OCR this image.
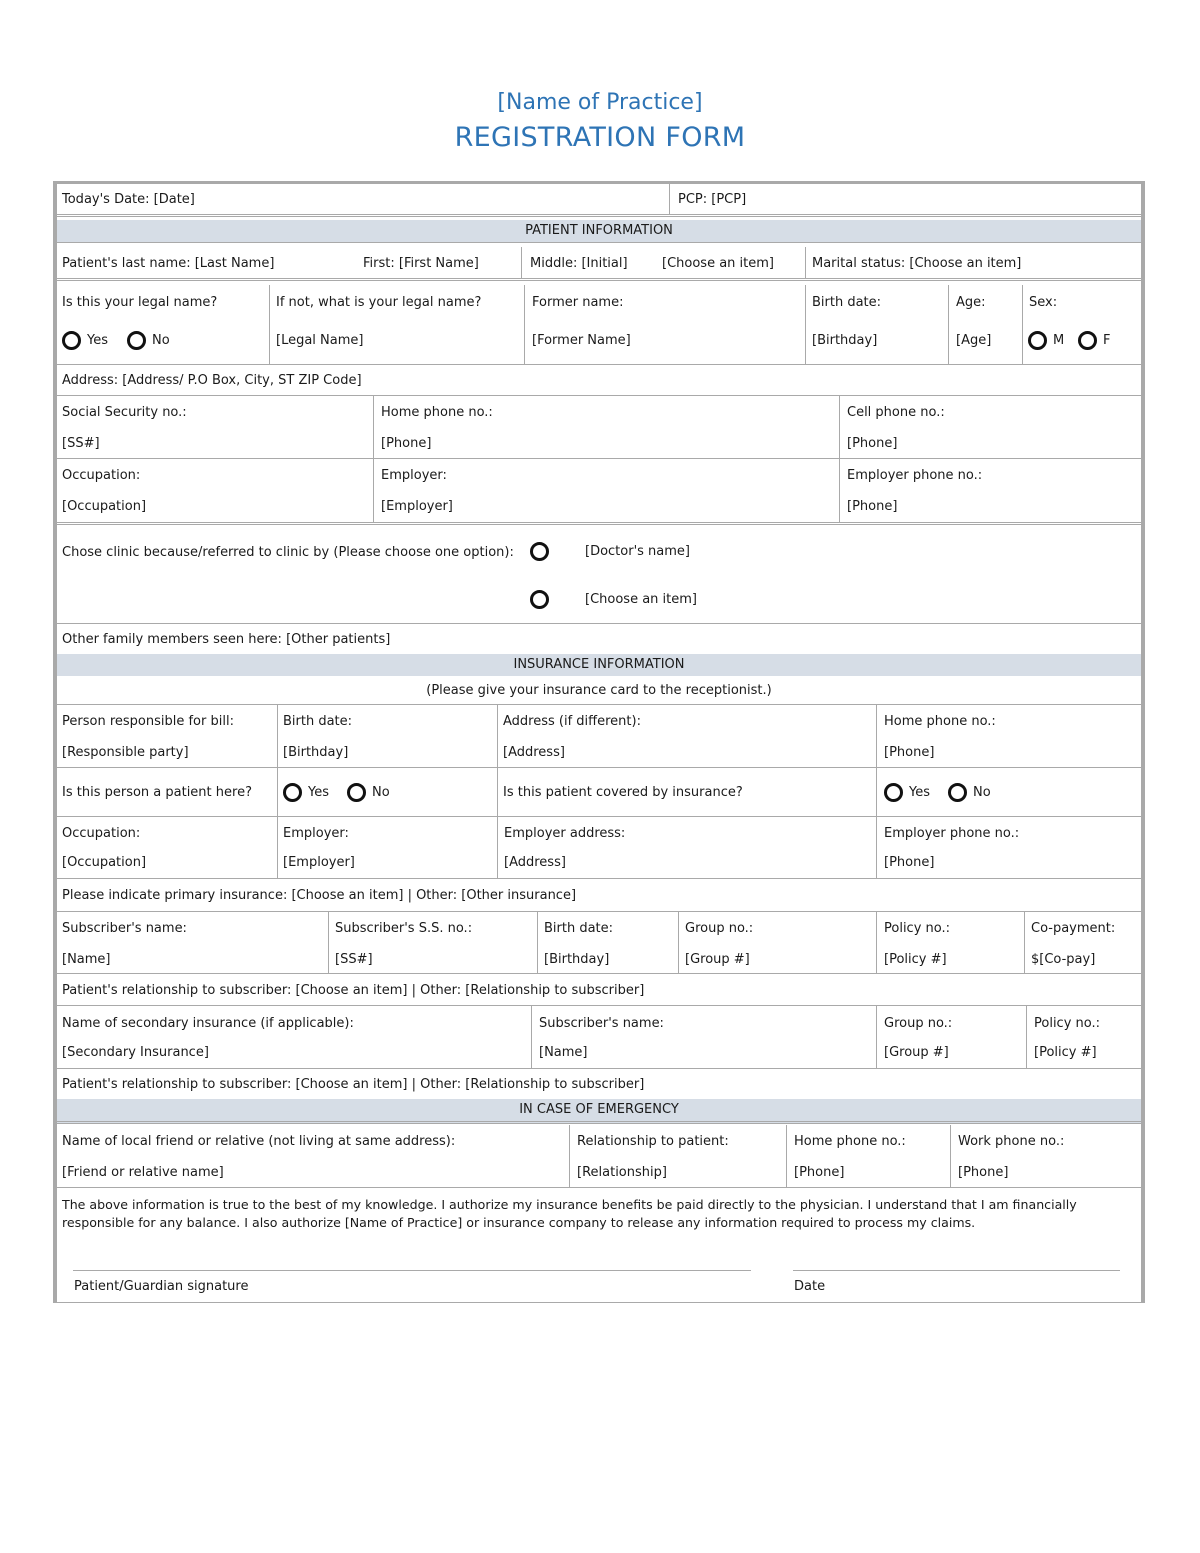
[Name of Practice]
REGISTRATION FORM
Today's Date: [Date]	PCP: [PCP]
PATIENT INFORMATION
Patient's last name: [Last Name]	First: [First Name]	Middle: [Initial]	[Choose an item]	Marital status: [Choose an item]
Is this your legal name?
Yes	No
If not, what is your legal name?
[Legal Name]
Former name:
[Former Name]
Birth date:
[Birthday]
Age:
[Age]
Sex:
M	F
Address: [Address/ P.O Box, City, ST ZIP Code]
Social Security no.:
[SS#]
Home phone no.:
[Phone]
Cell phone no.:
[Phone]
Occupation:
[Occupation]
Employer:
[Employer]
Employer phone no.:
[Phone]
Chose clinic because/referred to clinic by (Please choose one option):	[Doctor's name]
[Choose an item]
Other family members seen here: [Other patients]
INSURANCE INFORMATION
(Please give your insurance card to the receptionist.)
Person responsible for bill:
[Responsible party]
Birth date:
[Birthday]
Address (if different):
[Address]
Home phone no.:
[Phone]
Is this person a patient here?	Yes	No	Is this patient covered by insurance?	Yes	No
Occupation:
[Occupation]
Employer:
[Employer]
Employer address:
[Address]
Employer phone no.:
[Phone]
Please indicate primary insurance: [Choose an item] | Other: [Other insurance]
Subscriber's name:
[Name]
Subscriber's S.S. no.:
[SS#]
Birth date:
[Birthday]
Group no.:
[Group #]
Policy no.:
[Policy #]
Co-payment:
$[Co-pay]
Patient's relationship to subscriber: [Choose an item] | Other: [Relationship to subscriber]
Name of secondary insurance (if applicable):
[Secondary Insurance]
Subscriber's name:
[Name]
Group no.:
[Group #]
Policy no.:
[Policy #]
Patient's relationship to subscriber: [Choose an item] | Other: [Relationship to subscriber]
IN CASE OF EMERGENCY
Name of local friend or relative (not living at same address):
[Friend or relative name]
Relationship to patient:
[Relationship]
Home phone no.:
[Phone]
Work phone no.:
[Phone]
The above information is true to the best of my knowledge. I authorize my insurance benefits be paid directly to the physician. I understand that I am financially
responsible for any balance. I also authorize [Name of Practice] or insurance company to release any information required to process my claims.
Patient/Guardian signature	Date
